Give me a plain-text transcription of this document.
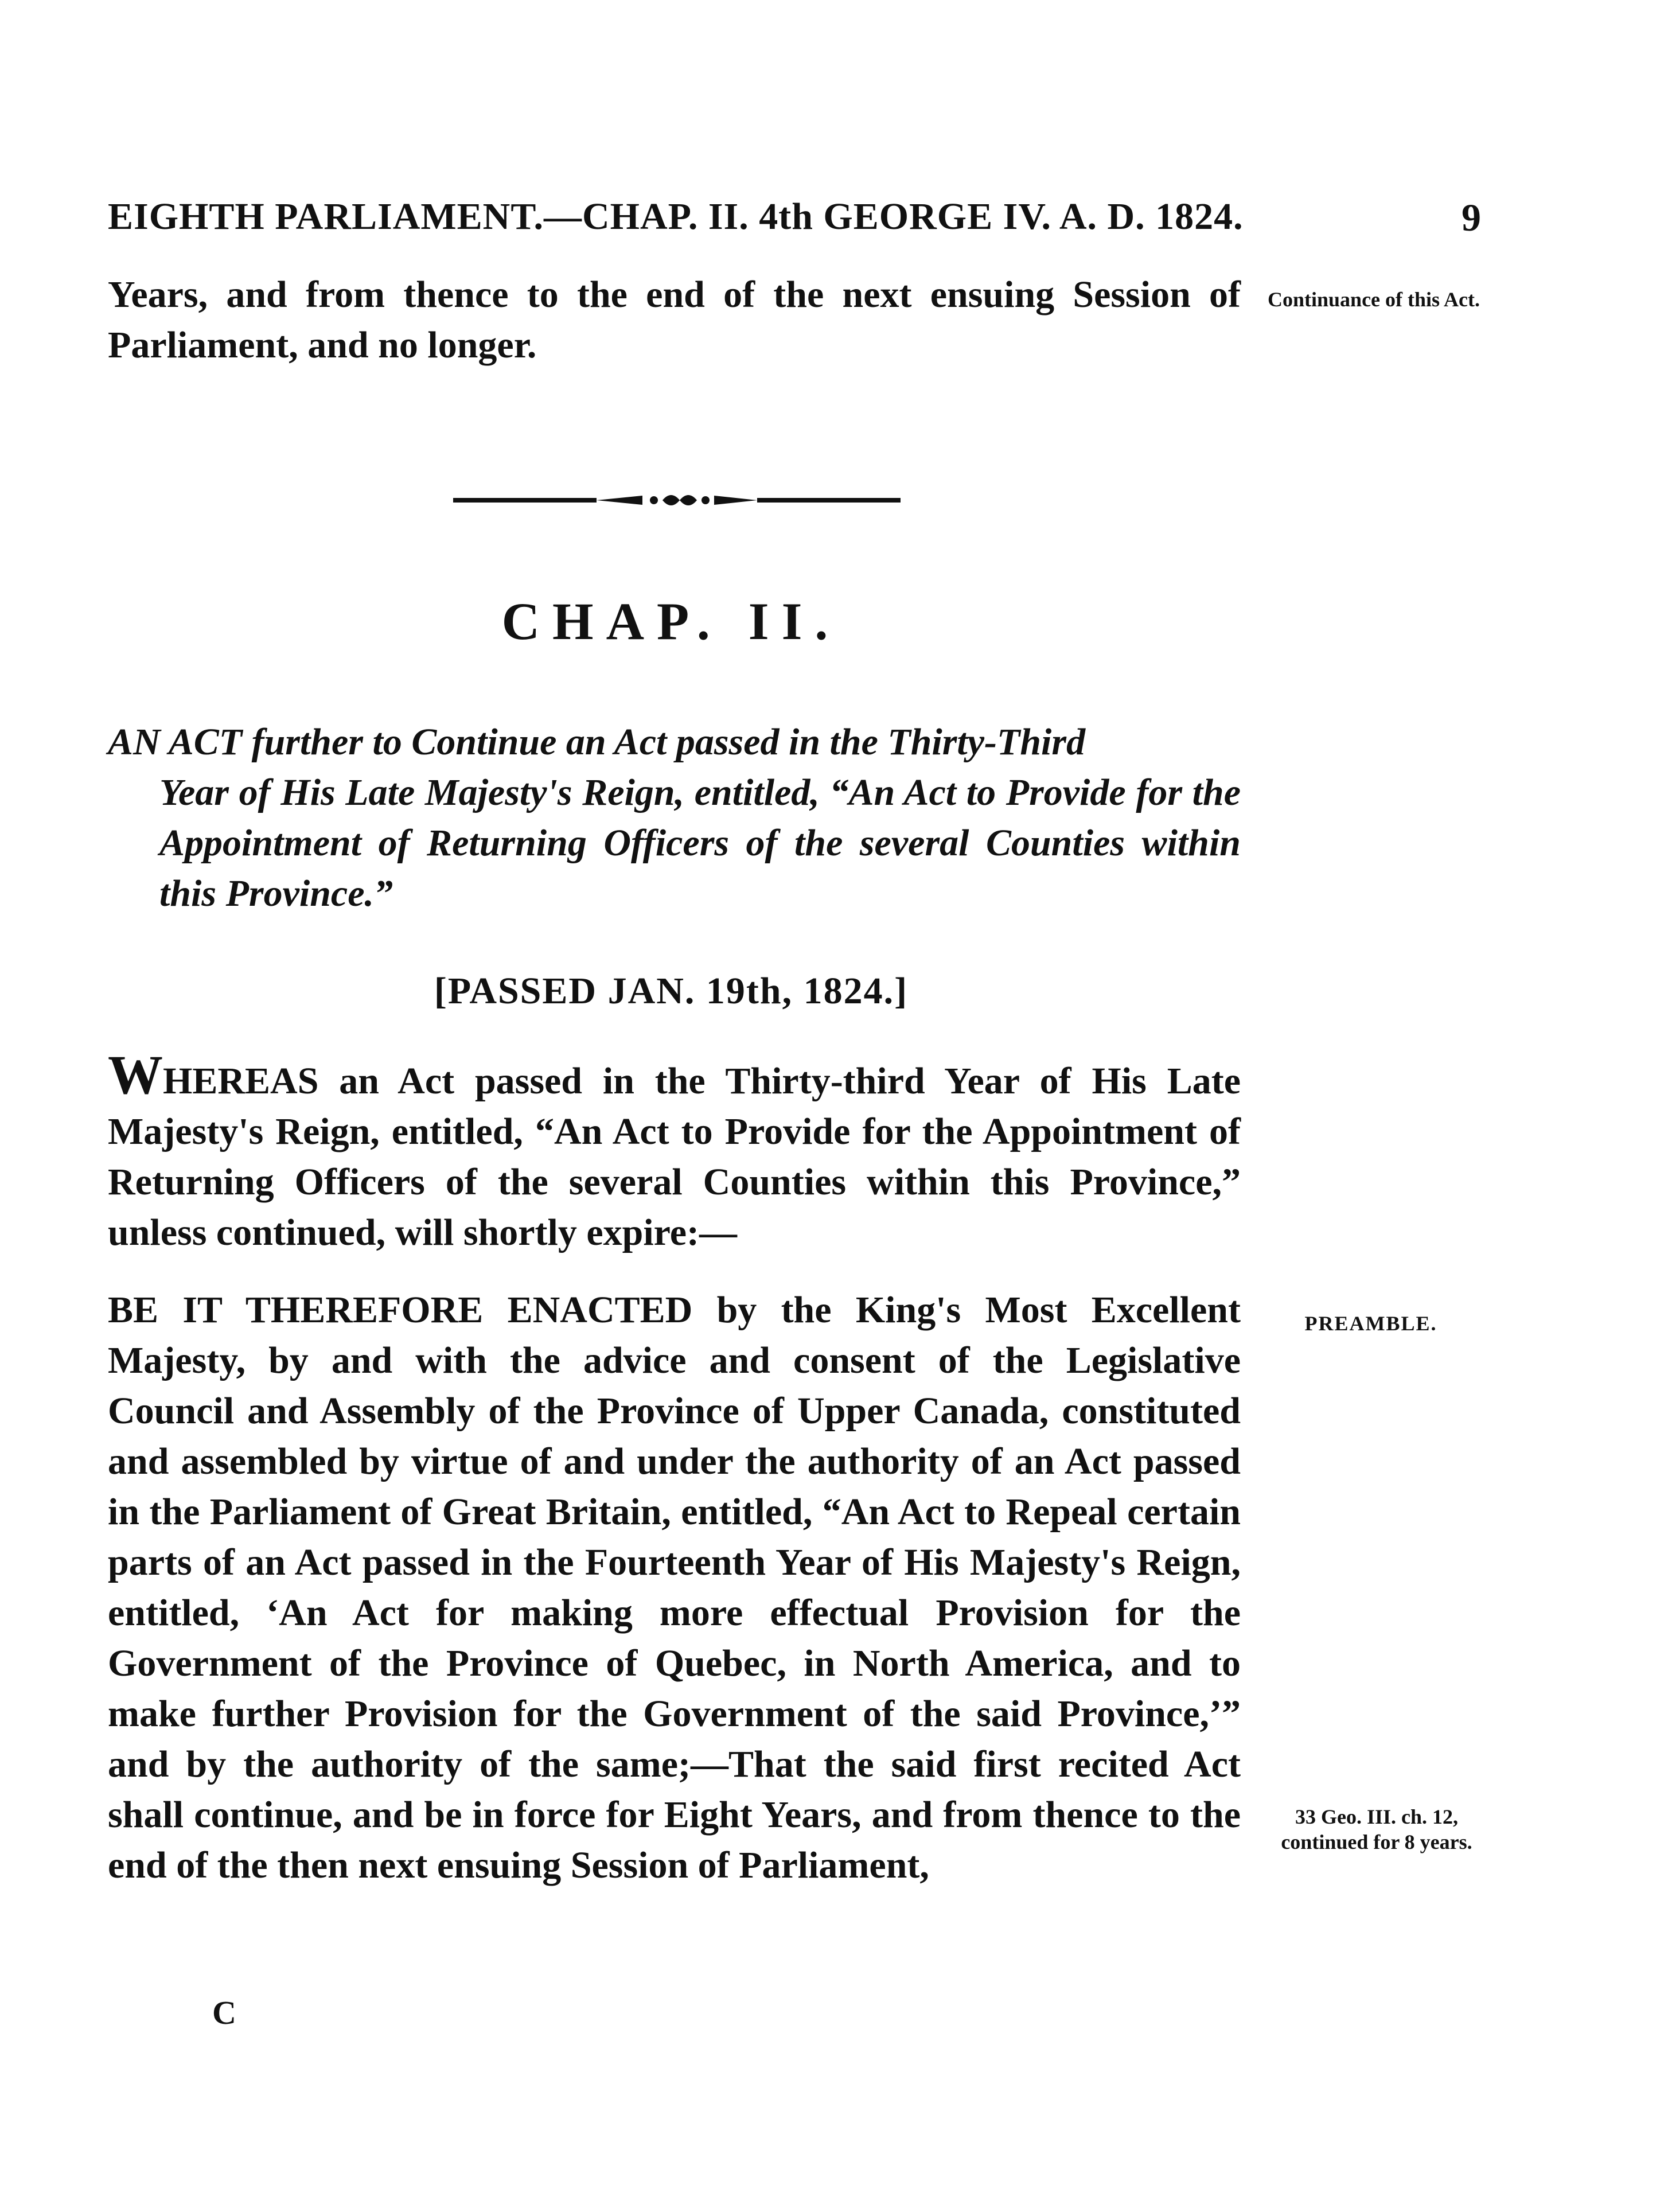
EIGHTH PARLIAMENT.—CHAP. II. 4th GEORGE IV. A. D. 1824.	9
Years, and from thence to the end of the next ensuing Session of Parliament, and no longer.
Continuance of this Act.
CHAP. II.
AN ACT further to Continue an Act passed in the Thirty-Third
Year of His Late Majesty's Reign, entitled, “An Act to Provide for the Appointment of Returning Officers of the several Counties within this Province.”
[PASSED JAN. 19th, 1824.]
WHEREAS an Act passed in the Thirty-third Year of His Late Majesty's Reign, entitled, “An Act to Provide for the Appointment of Returning Officers of the several Counties within this Province,” unless continued, will shortly expire:—
PREAMBLE.
BE IT THEREFORE ENACTED by the King's Most Excellent Majesty, by and with the advice and consent of the Legislative Council and Assembly of the Province of Upper Canada, constituted and assembled by virtue of and under the authority of an Act passed in the Parliament of Great Britain, entitled, “An Act to Repeal certain parts of an Act passed in the Fourteenth Year of His Majesty's Reign, entitled, ‘An Act for making more effectual Provision for the Government of the Province of Quebec, in North America, and to make further Provision for the Government of the said Province,’” and by the authority of the same;—That the said first recited Act shall continue, and be in force for Eight Years, and from thence to the end of the then next ensuing Session of Parliament,
33 Geo. III. ch. 12, continued for 8 years.
C
